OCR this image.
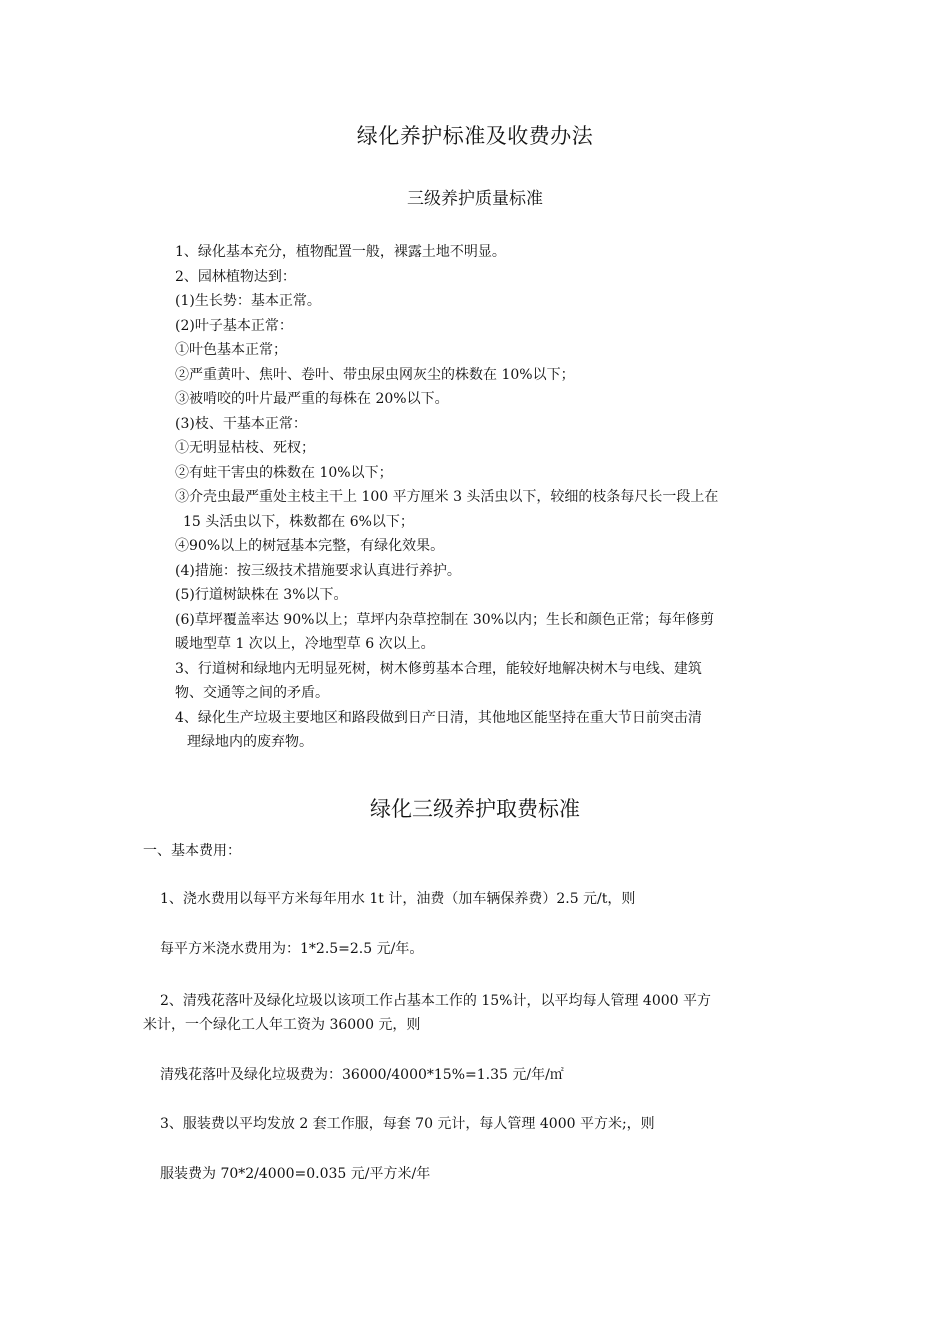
绿化养护标准及收费办法
三级养护质量标准
1、绿化基本充分，植物配置一般，裸露土地不明显。
2、园林植物达到：
(1)生长势：基本正常。
(2)叶子基本正常：
①叶色基本正常；
②严重黄叶、焦叶、卷叶、带虫尿虫网灰尘的株数在 10%以下；
③被啃咬的叶片最严重的每株在 20%以下。
(3)枝、干基本正常：
①无明显枯枝、死杈；
②有蛀干害虫的株数在 10%以下；
③介壳虫最严重处主枝主干上 100 平方厘米 3 头活虫以下，较细的枝条每尺长一段上在
15 头活虫以下，株数都在 6%以下；
④90%以上的树冠基本完整，有绿化效果。
(4)措施：按三级技术措施要求认真进行养护。
(5)行道树缺株在 3%以下。
(6)草坪覆盖率达 90%以上；草坪内杂草控制在 30%以内；生长和颜色正常；每年修剪
暖地型草 1 次以上，冷地型草 6 次以上。
3、行道树和绿地内无明显死树，树木修剪基本合理，能较好地解决树木与电线、建筑
物、交通等之间的矛盾。
4、绿化生产垃圾主要地区和路段做到日产日清，其他地区能坚持在重大节日前突击清
理绿地内的废弃物。
绿化三级养护取费标准
一、基本费用：
1、浇水费用以每平方米每年用水 1t 计，油费（加车辆保养费）2.5 元/t，则
每平方米浇水费用为：1*2.5=2.5 元/年。
2、清残花落叶及绿化垃圾以该项工作占基本工作的 15%计，以平均每人管理 4000 平方
米计，一个绿化工人年工资为 36000 元，则
清残花落叶及绿化垃圾费为：36000/4000*15%=1.35 元/年/㎡
3、服装费以平均发放 2 套工作服，每套 70 元计，每人管理 4000 平方米;，则
服装费为 70*2/4000=0.035 元/平方米/年
